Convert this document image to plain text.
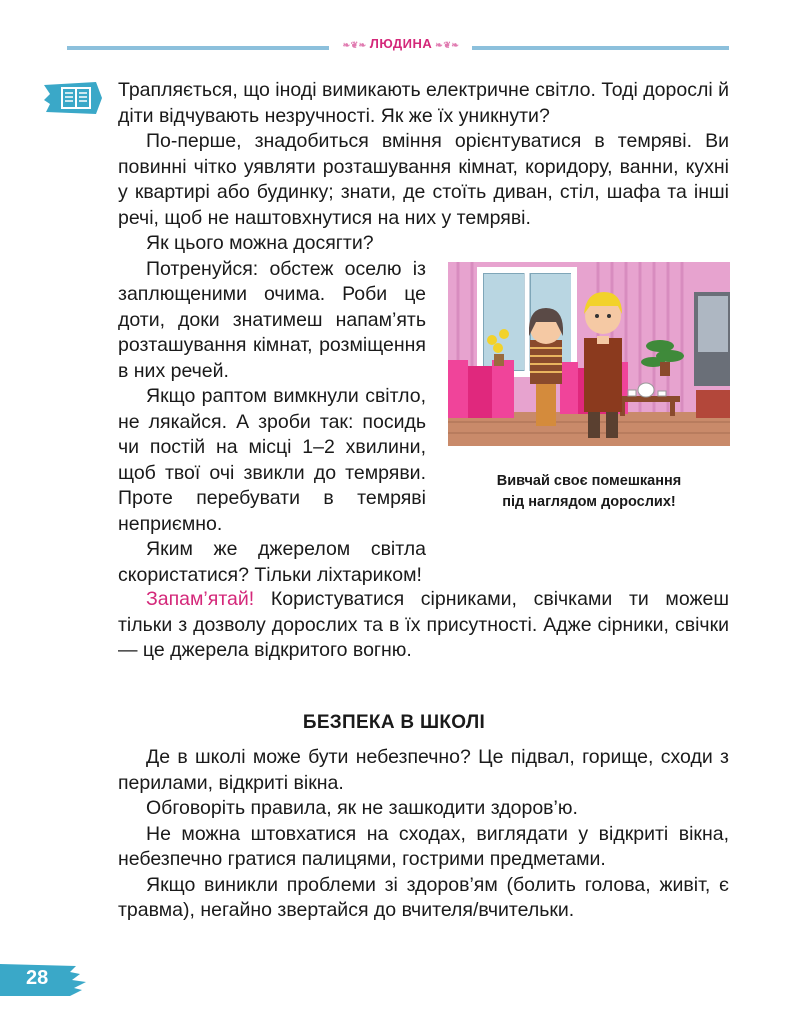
❧❦❧ ЛЮДИНА ❧❦❧

Трапляється, що іноді вимикають електричне світло. Тоді дорослі й діти відчувають незручності. Як же їх уникнути?

По-перше, знадобиться вміння орієнтуватися в темряві. Ви повинні чітко уявляти розташування кімнат, коридору, ванни, кухні у квартирі або будинку; знати, де стоїть диван, стіл, шафа та інші речі, щоб не наштовхнутися на них у темряві.

Як цього можна досягти?

Потренуйся: обстеж оселю із заплющеними очима. Роби це доти, доки знатимеш напам’ять розташування кімнат, розміщення в них речей.

Якщо раптом вимкнули світло, не лякайся. А зроби так: посидь чи постій на місці 1–2 хвилини, щоб твої очі звикли до темряви. Проте перебувати в темряві неприємно.

Яким же джерелом світла скористатися? Тільки ліхтариком!

Вивчай своє помешкання
під наглядом дорослих!

Запам’ятай! Користуватися сірниками, свічками ти можеш тільки з дозволу дорослих та в їх присутності. Адже сірники, свічки — це джерела відкритого вогню.

БЕЗПЕКА В ШКОЛІ

Де в школі може бути небезпечно? Це підвал, горище, сходи з перилами, відкриті вікна.

Обговоріть правила, як не зашкодити здоров’ю.

Не можна штовхатися на сходах, виглядати у відкриті вікна, небезпечно гратися палицями, гострими предметами.

Якщо виникли проблеми зі здоров’ям (болить голова, живіт, є травма), негайно звертайся до вчителя/вчительки.

28
